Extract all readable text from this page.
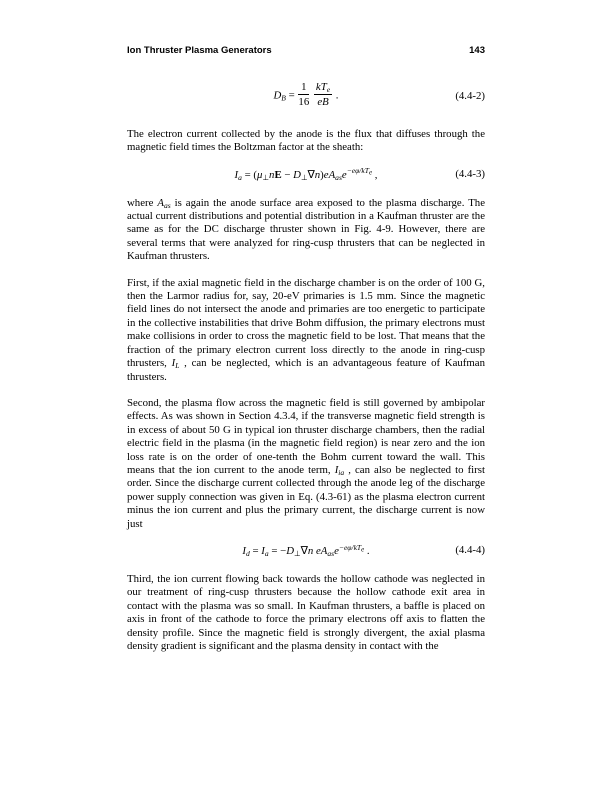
Ion Thruster Plasma Generators	143
$D_B = \frac{1}{16}$
$\frac{kT_e}{eB}$ .	(4.4-2)

The electron current collected by the anode is the flux that diffuses through the magnetic field times the Boltzman factor at the sheath:

$I_a = (\mu_\perp nE - D_\perp\nabla n)eA_{as}e^{-e\varphi/kT_e}$ ,	(4.4-3)

where $A_{as}$ is again the anode surface area exposed to the plasma discharge. The actual current distributions and potential distribution in a Kaufman thruster are the same as for the DC discharge thruster shown in Fig. 4-9. However, there are several terms that were analyzed for ring-cusp thrusters that can be neglected in Kaufman thrusters.

First, if the axial magnetic field in the discharge chamber is on the order of 100 G, then the Larmor radius for, say, 20-eV primaries is 1.5 mm. Since the magnetic field lines do not intersect the anode and primaries are too energetic to participate in the collective instabilities that drive Bohm diffusion, the primary electrons must make collisions in order to cross the magnetic field to be lost. That means that the fraction of the primary electron current loss directly to the anode in ring-cusp thrusters, $I_L$ , can be neglected, which is an advantageous feature of Kaufman thrusters.

Second, the plasma flow across the magnetic field is still governed by ambipolar effects. As was shown in Section 4.3.4, if the transverse magnetic field strength is in excess of about 50 G in typical ion thruster discharge chambers, then the radial electric field in the plasma (in the magnetic field region) is near zero and the ion loss rate is on the order of one-tenth the Bohm current toward the wall. This means that the ion current to the anode term, $I_{ia}$ , can also be neglected to first order. Since the discharge current collected through the anode leg of the discharge power supply connection was given in Eq. (4.3-61) as the plasma electron current minus the ion current and plus the primary current, the discharge current is now just

$I_d = I_a = -D_\perp\nabla n$ $eA_{as}e^{-e\varphi/kT_e}$ .	(4.4-4)

Third, the ion current flowing back towards the hollow cathode was neglected in our treatment of ring-cusp thrusters because the hollow cathode exit area in contact with the plasma was so small. In Kaufman thrusters, a baffle is placed on axis in front of the cathode to force the primary electrons off axis to flatten the density profile. Since the magnetic field is strongly divergent, the axial plasma density gradient is significant and the plasma density in contact with the
